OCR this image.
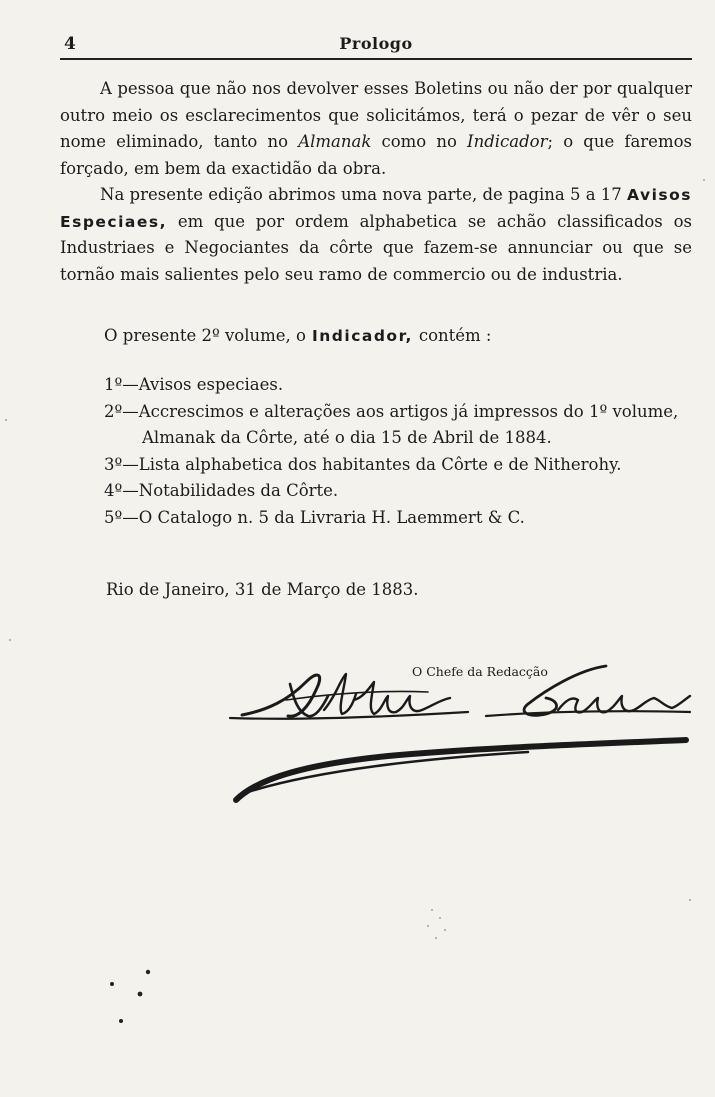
4	Prologo

A pessoa que não nos devolver esses Boletins ou não der por qualquer outro meio os esclarecimentos que solicitámos, terá o pezar de vêr o seu nome eliminado, tanto no Almanak como no Indicador; o que faremos forçado, em bem da exactidão da obra.

Na presente edição abrimos uma nova parte, de pagina 5 a 17 Avisos Especiaes, em que por ordem alphabetica se achão classificados os Industriaes e Negociantes da côrte que fazem-se annunciar ou que se tornão mais salientes pelo seu ramo de commercio ou de industria.

O presente 2º volume, o Indicador, contém :
1º—Avisos especiaes.
2º—Accrescimos e alterações aos artigos já impressos do 1º volume,
Almanak da Côrte, até o dia 15 de Abril de 1884.
3º—Lista alphabetica dos habitantes da Côrte e de Nitherohy.
4º—Notabilidades da Côrte.
5º—O Catalogo n. 5 da Livraria H. Laemmert & C.
Rio de Janeiro, 31 de Março de 1883.
O Chefe da Redacção
